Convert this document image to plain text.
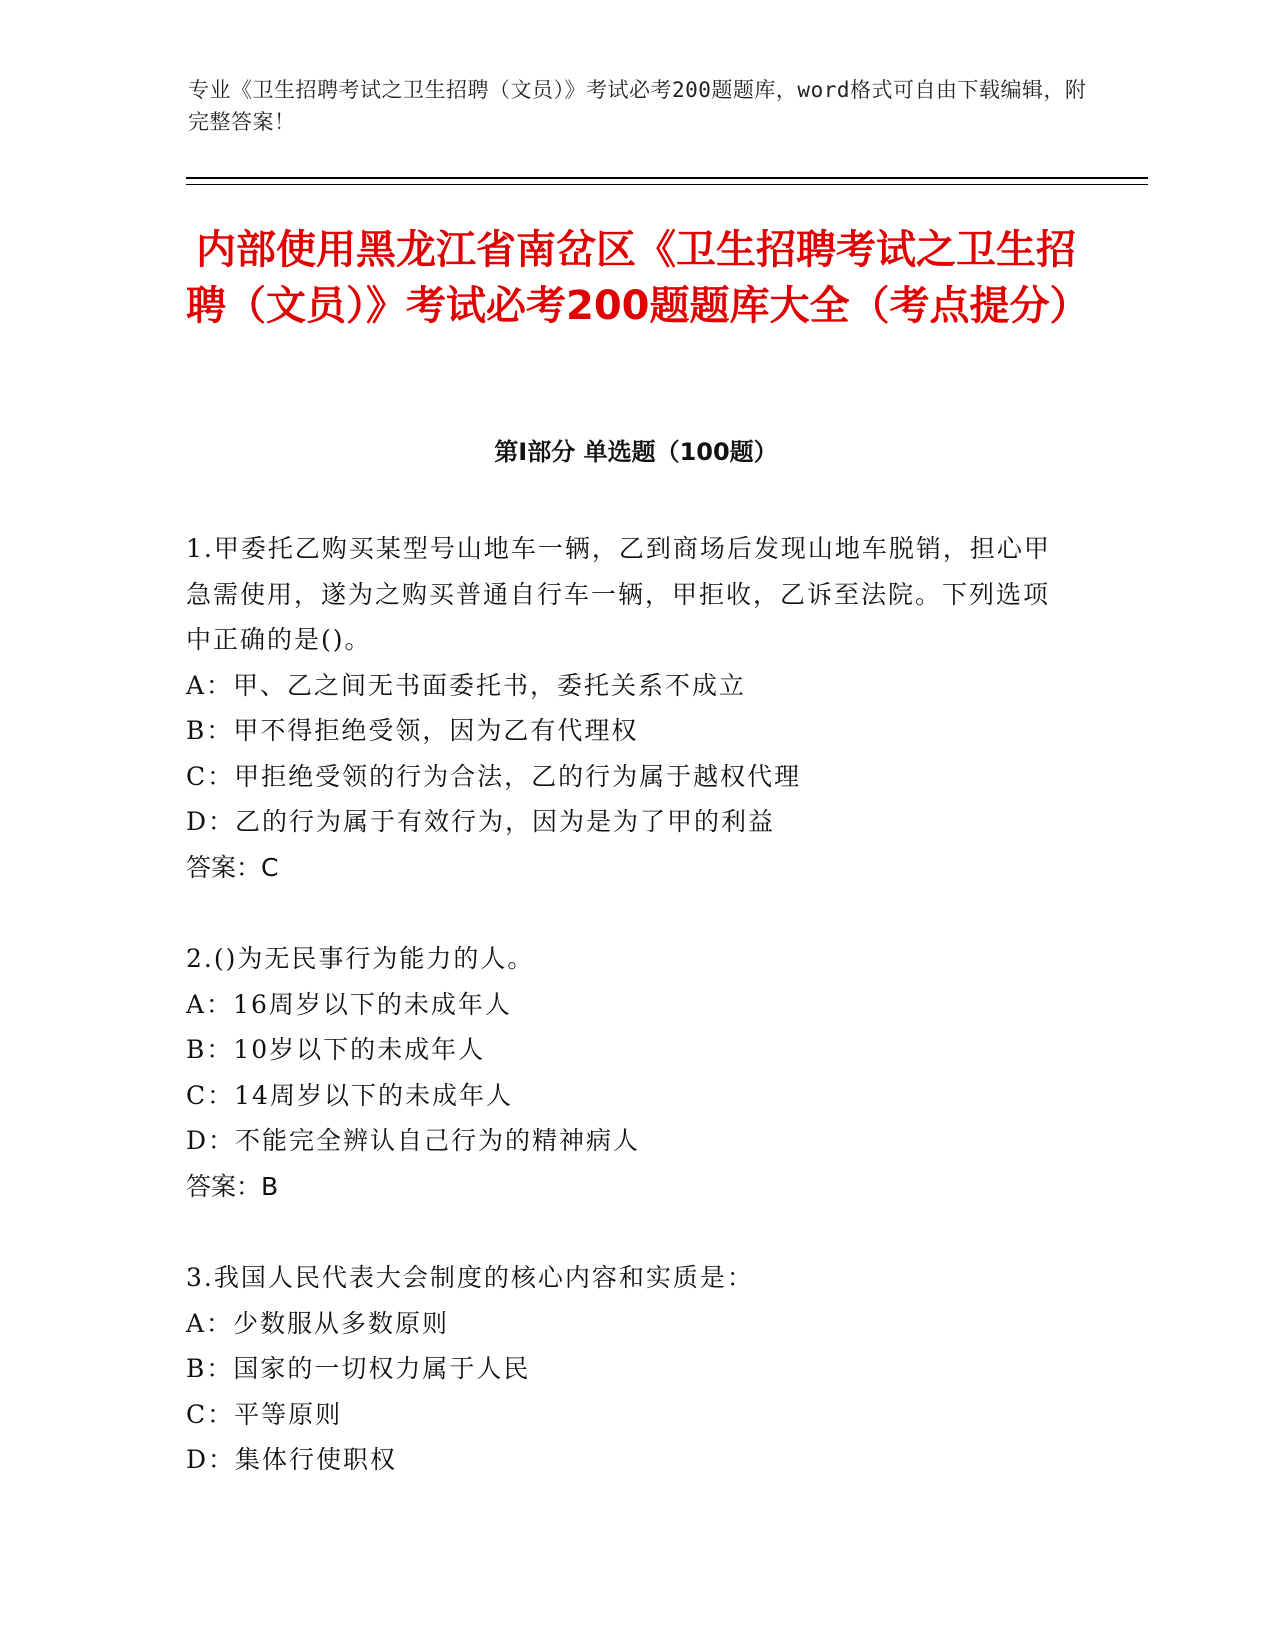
专业《卫生招聘考试之卫生招聘（文员）》考试必考200题题库，word格式可自由下载编辑，附完整答案！
内部使用黑龙江省南岔区《卫生招聘考试之卫生招聘（文员）》考试必考200题题库大全（考点提分）
第Ⅰ部分 单选题（100题）
1.甲委托乙购买某型号山地车一辆，乙到商场后发现山地车脱销，担心甲急需使用，遂为之购买普通自行车一辆，甲拒收，乙诉至法院。下列选项中正确的是()。
A：甲、乙之间无书面委托书，委托关系不成立
B：甲不得拒绝受领，因为乙有代理权
C：甲拒绝受领的行为合法，乙的行为属于越权代理
D：乙的行为属于有效行为，因为是为了甲的利益
答案：C
2.()为无民事行为能力的人。
A：16周岁以下的未成年人
B：10岁以下的未成年人
C：14周岁以下的未成年人
D：不能完全辨认自己行为的精神病人
答案：B
3.我国人民代表大会制度的核心内容和实质是：
A：少数服从多数原则
B：国家的一切权力属于人民
C：平等原则
D：集体行使职权
